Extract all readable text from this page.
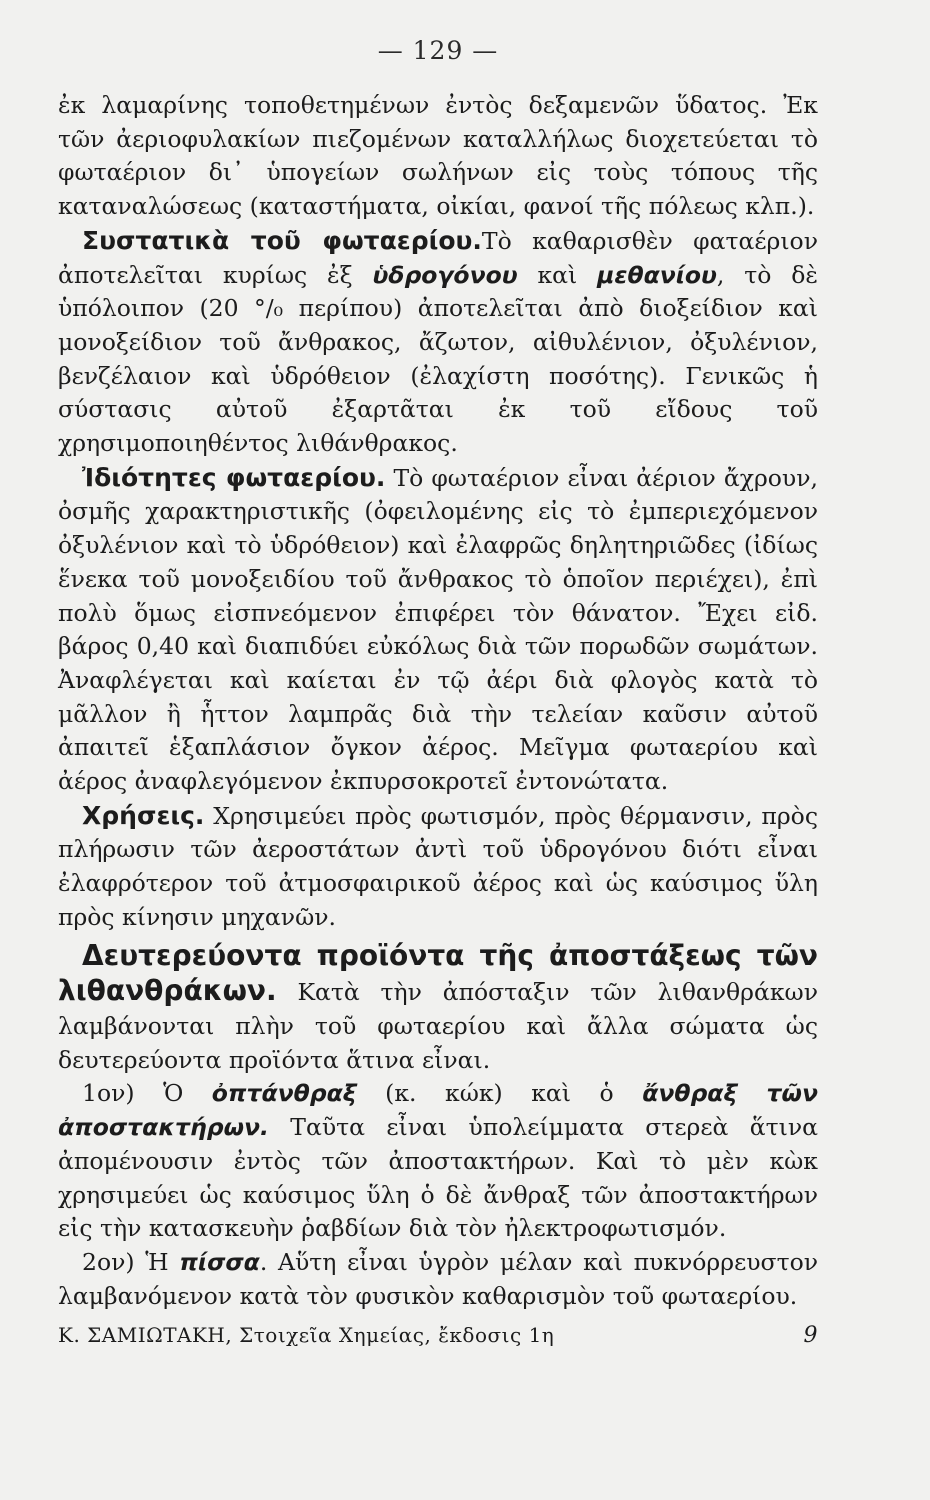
— 129 —

ἐκ λαμαρίνης τοποθετημένων ἐντὸς δεξαμενῶν ὕδατος. Ἐκ τῶν ἀεριοφυλακίων πιεζομένων καταλλήλως διοχετεύεται τὸ φωταέριον δι᾽ ὑπογείων σωλήνων εἰς τοὺς τόπους τῆς καταναλώσεως (καταστήματα, οἰκίαι, φανοί τῆς πόλεως κλπ.).

Συστατικὰ τοῦ φωταερίου.Τὸ καθαρισθὲν φαταέριον ἀποτελεῖται κυρίως ἐξ ὑδρογόνου καὶ μεθανίου, τὸ δὲ ὑπόλοιπον (20 °/₀ περίπου) ἀποτελεῖται ἀπὸ διοξείδιον καὶ μονοξείδιον τοῦ ἄνθρακος, ἄζωτον, αἰθυλένιον, ὀξυλένιον, βενζέλαιον καὶ ὑδρόθειον (ἐλαχίστη ποσότης). Γενικῶς ἡ σύστασις αὐτοῦ ἐξαρτᾶται ἐκ τοῦ εἴδους τοῦ χρησιμοποιηθέντος λιθάνθρακος.

Ἰδιότητες φωταερίου. Τὸ φωταέριον εἶναι ἀέριον ἄχρουν, ὀσμῆς χαρακτηριστικῆς (ὀφειλομένης εἰς τὸ ἐμπεριεχόμενον ὀξυλένιον καὶ τὸ ὑδρόθειον) καὶ ἐλαφρῶς δηλητηριῶδες (ἰδίως ἕνεκα τοῦ μονοξειδίου τοῦ ἄνθρακος τὸ ὁποῖον περιέχει), ἐπὶ πολὺ ὅμως εἰσπνεόμενον ἐπιφέρει τὸν θάνατον. Ἔχει εἰδ. βάρος 0,40 καὶ διαπιδύει εὐκόλως διὰ τῶν πορωδῶν σωμάτων. Ἀναφλέγεται καὶ καίεται ἐν τῷ ἀέρι διὰ φλογὸς κατὰ τὸ μᾶλλον ἢ ἧττον λαμπρᾶς διὰ τὴν τελείαν καῦσιν αὐτοῦ ἀπαιτεῖ ἑξαπλάσιον ὄγκον ἀέρος. Μεῖγμα φωταερίου καὶ ἀέρος ἀναφλεγόμενον ἐκπυρσοκροτεῖ ἐντονώτατα.

Χρήσεις. Χρησιμεύει πρὸς φωτισμόν, πρὸς θέρμανσιν, πρὸς πλήρωσιν τῶν ἀεροστάτων ἀντὶ τοῦ ὑδρογόνου διότι εἶναι ἐλαφρότερον τοῦ ἀτμοσφαιρικοῦ ἀέρος καὶ ὡς καύσιμος ὕλη πρὸς κίνησιν μηχανῶν.

Δευτερεύοντα προϊόντα τῆς ἀποστάξεως τῶν λιθανθράκων. Κατὰ τὴν ἀπόσταξιν τῶν λιθανθράκων λαμβάνονται πλὴν τοῦ φωταερίου καὶ ἄλλα σώματα ὡς δευτερεύοντα προϊόντα ἅτινα εἶναι.

1ον) Ὁ ὀπτάνθραξ (κ. κώκ) καὶ ὁ ἄνθραξ τῶν ἀποστακτήρων. Ταῦτα εἶναι ὑπολείμματα στερεὰ ἅτινα ἀπομένουσιν ἐντὸς τῶν ἀποστακτήρων. Καὶ τὸ μὲν κὼκ χρησιμεύει ὡς καύσιμος ὕλη ὁ δὲ ἄνθραξ τῶν ἀποστακτήρων εἰς τὴν κατασκευὴν ῥαβδίων διὰ τὸν ἠλεκτροφωτισμόν.

2ον) Ἡ πίσσα. Αὕτη εἶναι ὑγρὸν μέλαν καὶ πυκνόρρευστον λαμβανόμενον κατὰ τὸν φυσικὸν καθαρισμὸν τοῦ φωταερίου.

Κ. ΣΑΜΙΩΤΑΚΗ, Στοιχεῖα Χημείας, ἔκδοσις 1η	9
